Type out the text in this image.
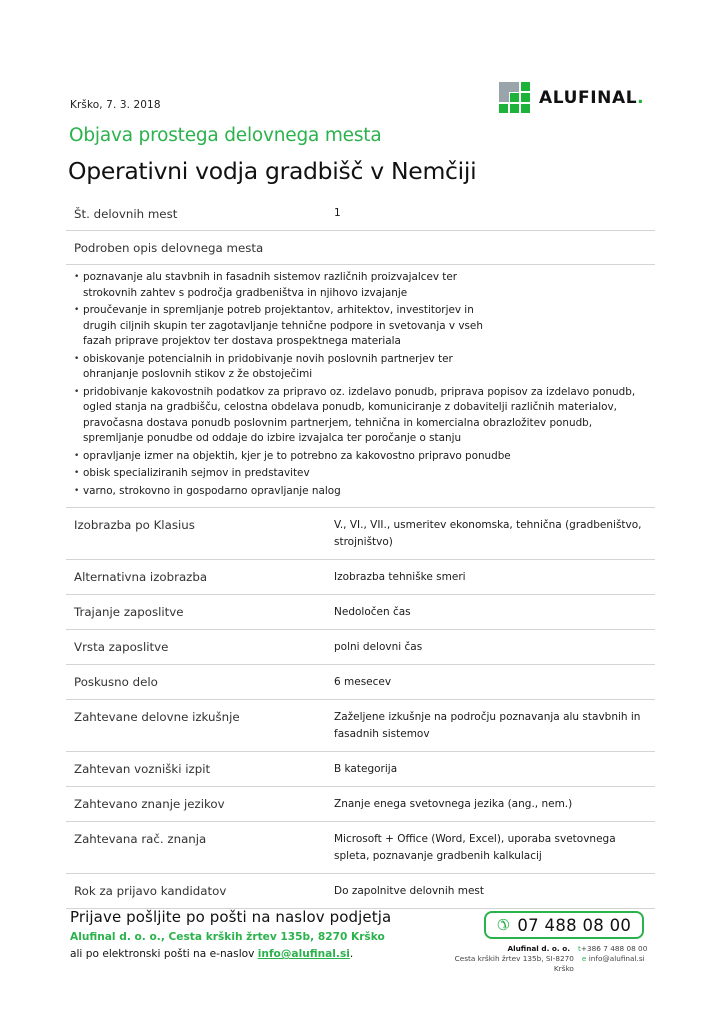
Krško, 7. 3. 2018	ALUFINAL.
Objava prostega delovnega mesta
Operativni vodja gradbišč v Nemčiji
Št. delovnih mest	1
Podroben opis delovnega mesta
• poznavanje alu stavbnih in fasadnih sistemov različnih proizvajalcev ter strokovnih zahtev s področja gradbeništva in njihovo izvajanje
• proučevanje in spremljanje potreb projektantov, arhitektov, investitorjev in drugih ciljnih skupin ter zagotavljanje tehnične podpore in svetovanja v vseh fazah priprave projektov ter dostava prospektnega materiala
• obiskovanje potencialnih in pridobivanje novih poslovnih partnerjev ter ohranjanje poslovnih stikov z že obstoječimi
• pridobivanje kakovostnih podatkov za pripravo oz. izdelavo ponudb, priprava popisov za izdelavo ponudb, ogled stanja na gradbišču, celostna obdelava ponudb, komuniciranje z dobavitelji različnih materialov, pravočasna dostava ponudb poslovnim partnerjem, tehnična in komercialna obrazložitev ponudb, spremljanje ponudbe od oddaje do izbire izvajalca ter poročanje o stanju
• opravljanje izmer na objektih, kjer je to potrebno za kakovostno pripravo ponudbe
• obisk specializiranih sejmov in predstavitev
• varno, strokovno in gospodarno opravljanje nalog
Izobrazba po Klasius	V., VI., VII., usmeritev ekonomska, tehnična (gradbeništvo, strojništvo)
Alternativna izobrazba	Izobrazba tehniške smeri
Trajanje zaposlitve	Nedoločen čas
Vrsta zaposlitve	polni delovni čas
Poskusno delo	6 mesecev
Zahtevane delovne izkušnje	Zaželjene izkušnje na področju poznavanja alu stavbnih in fasadnih sistemov
Zahtevan vozniški izpit	B kategorija
Zahtevano znanje jezikov	Znanje enega svetovnega jezika (ang., nem.)
Zahtevana rač. znanja	Microsoft + Office (Word, Excel), uporaba svetovnega spleta, poznavanje gradbenih kalkulacij
Rok za prijavo kandidatov	Do zapolnitve delovnih mest
Prijave pošljite po pošti na naslov podjetja
Alufinal d. o. o., Cesta krških žrtev 135b, 8270 Krško
ali po elektronski pošti na e-naslov info@alufinal.si.
✆ 07 488 08 00
Alufinal d. o. o.	t+386 7 488 08 00
Cesta krških žrtev 135b, SI-8270 Krško
e info@alufinal.si
